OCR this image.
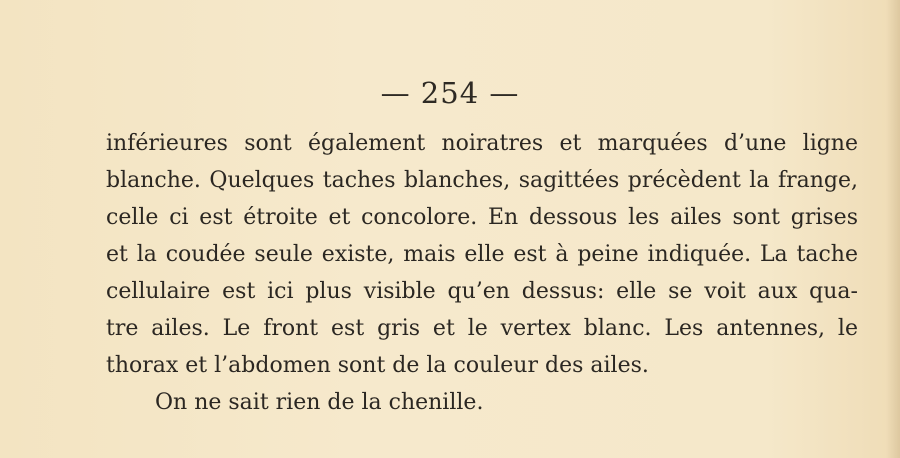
— 254 —
inférieures sont également noiratres et marquées d’une ligne
blanche. Quelques taches blanches, sagittées précèdent la frange,
celle ci est étroite et concolore. En dessous les ailes sont grises
et la coudée seule existe, mais elle est à peine indiquée. La tache
cellulaire est ici plus visible qu’en dessus: elle se voit aux qua-
tre ailes. Le front est gris et le vertex blanc. Les antennes, le
thorax et l’abdomen sont de la couleur des ailes.
On ne sait rien de la chenille.
